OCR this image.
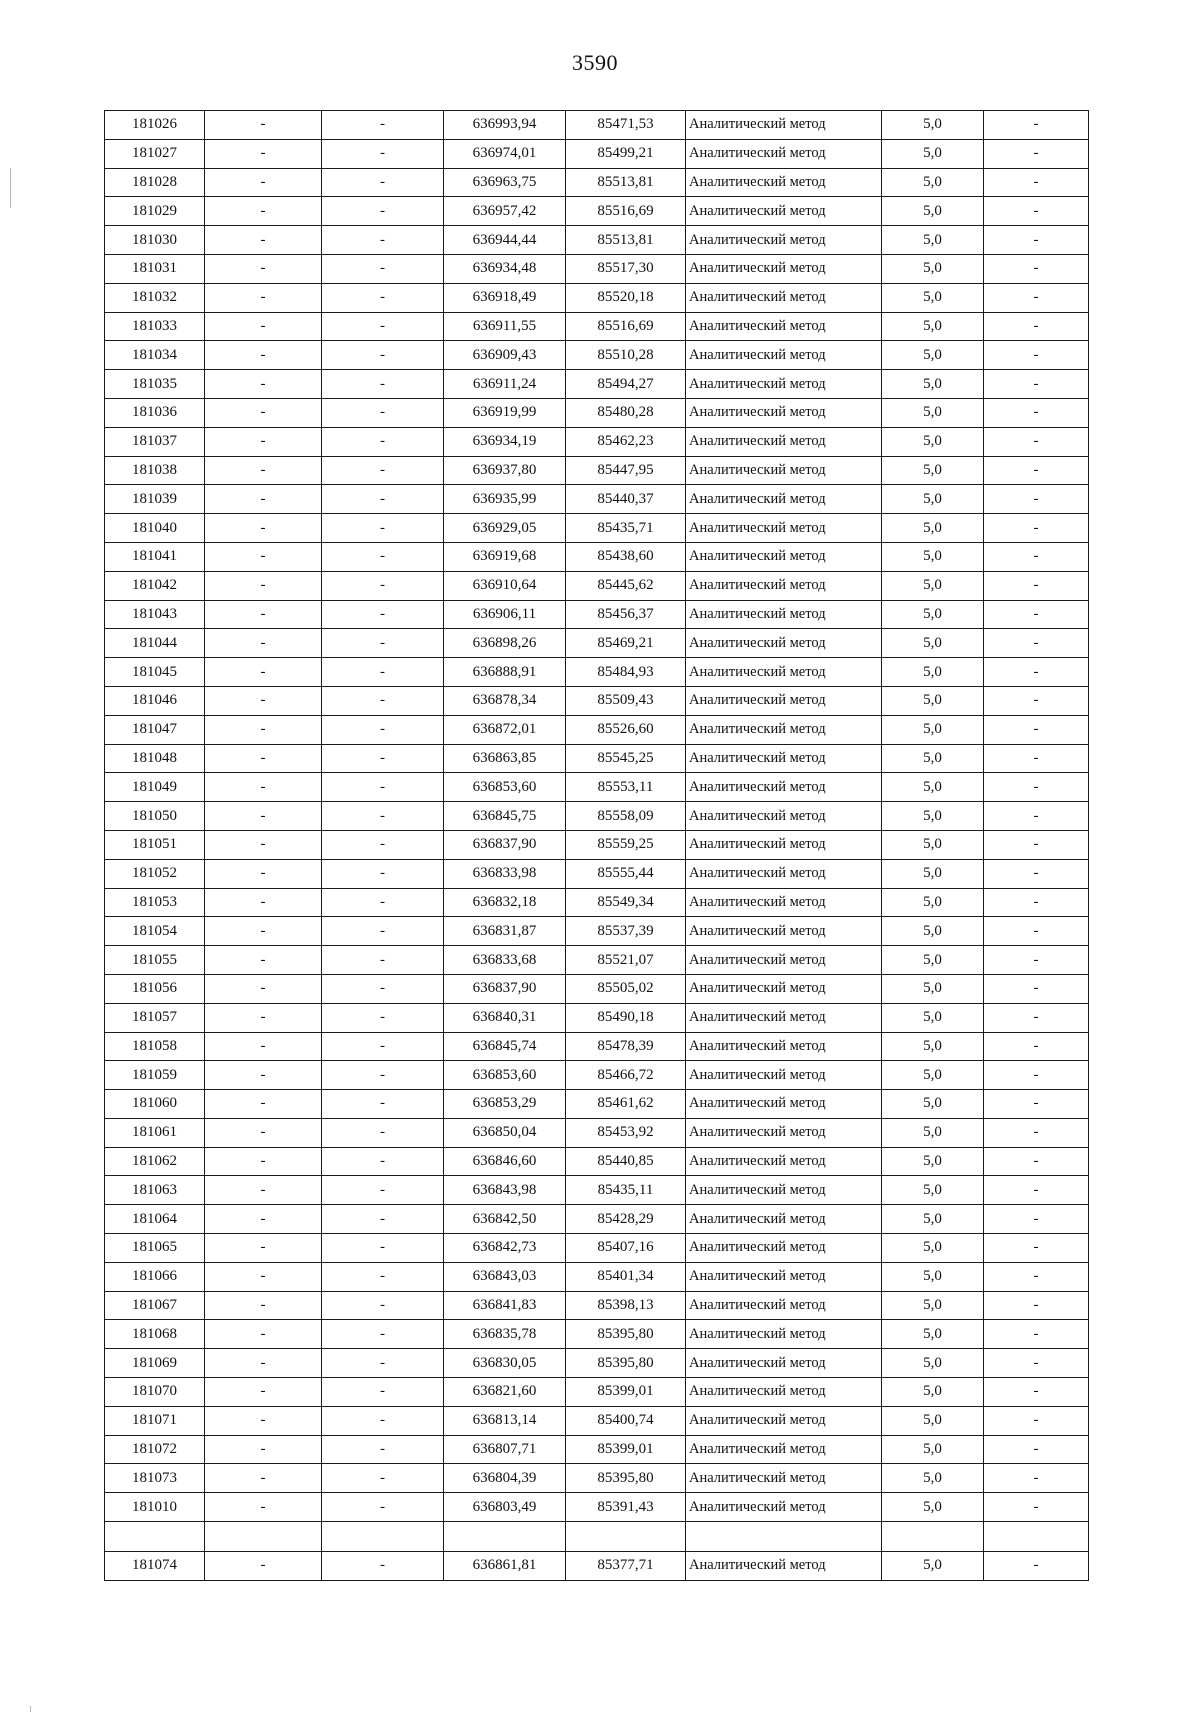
3590
181026	-	-	636993,94	85471,53	Аналитический метод	5,0	-
181027	-	-	636974,01	85499,21	Аналитический метод	5,0	-
181028	-	-	636963,75	85513,81	Аналитический метод	5,0	-
181029	-	-	636957,42	85516,69	Аналитический метод	5,0	-
181030	-	-	636944,44	85513,81	Аналитический метод	5,0	-
181031	-	-	636934,48	85517,30	Аналитический метод	5,0	-
181032	-	-	636918,49	85520,18	Аналитический метод	5,0	-
181033	-	-	636911,55	85516,69	Аналитический метод	5,0	-
181034	-	-	636909,43	85510,28	Аналитический метод	5,0	-
181035	-	-	636911,24	85494,27	Аналитический метод	5,0	-
181036	-	-	636919,99	85480,28	Аналитический метод	5,0	-
181037	-	-	636934,19	85462,23	Аналитический метод	5,0	-
181038	-	-	636937,80	85447,95	Аналитический метод	5,0	-
181039	-	-	636935,99	85440,37	Аналитический метод	5,0	-
181040	-	-	636929,05	85435,71	Аналитический метод	5,0	-
181041	-	-	636919,68	85438,60	Аналитический метод	5,0	-
181042	-	-	636910,64	85445,62	Аналитический метод	5,0	-
181043	-	-	636906,11	85456,37	Аналитический метод	5,0	-
181044	-	-	636898,26	85469,21	Аналитический метод	5,0	-
181045	-	-	636888,91	85484,93	Аналитический метод	5,0	-
181046	-	-	636878,34	85509,43	Аналитический метод	5,0	-
181047	-	-	636872,01	85526,60	Аналитический метод	5,0	-
181048	-	-	636863,85	85545,25	Аналитический метод	5,0	-
181049	-	-	636853,60	85553,11	Аналитический метод	5,0	-
181050	-	-	636845,75	85558,09	Аналитический метод	5,0	-
181051	-	-	636837,90	85559,25	Аналитический метод	5,0	-
181052	-	-	636833,98	85555,44	Аналитический метод	5,0	-
181053	-	-	636832,18	85549,34	Аналитический метод	5,0	-
181054	-	-	636831,87	85537,39	Аналитический метод	5,0	-
181055	-	-	636833,68	85521,07	Аналитический метод	5,0	-
181056	-	-	636837,90	85505,02	Аналитический метод	5,0	-
181057	-	-	636840,31	85490,18	Аналитический метод	5,0	-
181058	-	-	636845,74	85478,39	Аналитический метод	5,0	-
181059	-	-	636853,60	85466,72	Аналитический метод	5,0	-
181060	-	-	636853,29	85461,62	Аналитический метод	5,0	-
181061	-	-	636850,04	85453,92	Аналитический метод	5,0	-
181062	-	-	636846,60	85440,85	Аналитический метод	5,0	-
181063	-	-	636843,98	85435,11	Аналитический метод	5,0	-
181064	-	-	636842,50	85428,29	Аналитический метод	5,0	-
181065	-	-	636842,73	85407,16	Аналитический метод	5,0	-
181066	-	-	636843,03	85401,34	Аналитический метод	5,0	-
181067	-	-	636841,83	85398,13	Аналитический метод	5,0	-
181068	-	-	636835,78	85395,80	Аналитический метод	5,0	-
181069	-	-	636830,05	85395,80	Аналитический метод	5,0	-
181070	-	-	636821,60	85399,01	Аналитический метод	5,0	-
181071	-	-	636813,14	85400,74	Аналитический метод	5,0	-
181072	-	-	636807,71	85399,01	Аналитический метод	5,0	-
181073	-	-	636804,39	85395,80	Аналитический метод	5,0	-
181010	-	-	636803,49	85391,43	Аналитический метод	5,0	-

181074	-	-	636861,81	85377,71	Аналитический метод	5,0	-
